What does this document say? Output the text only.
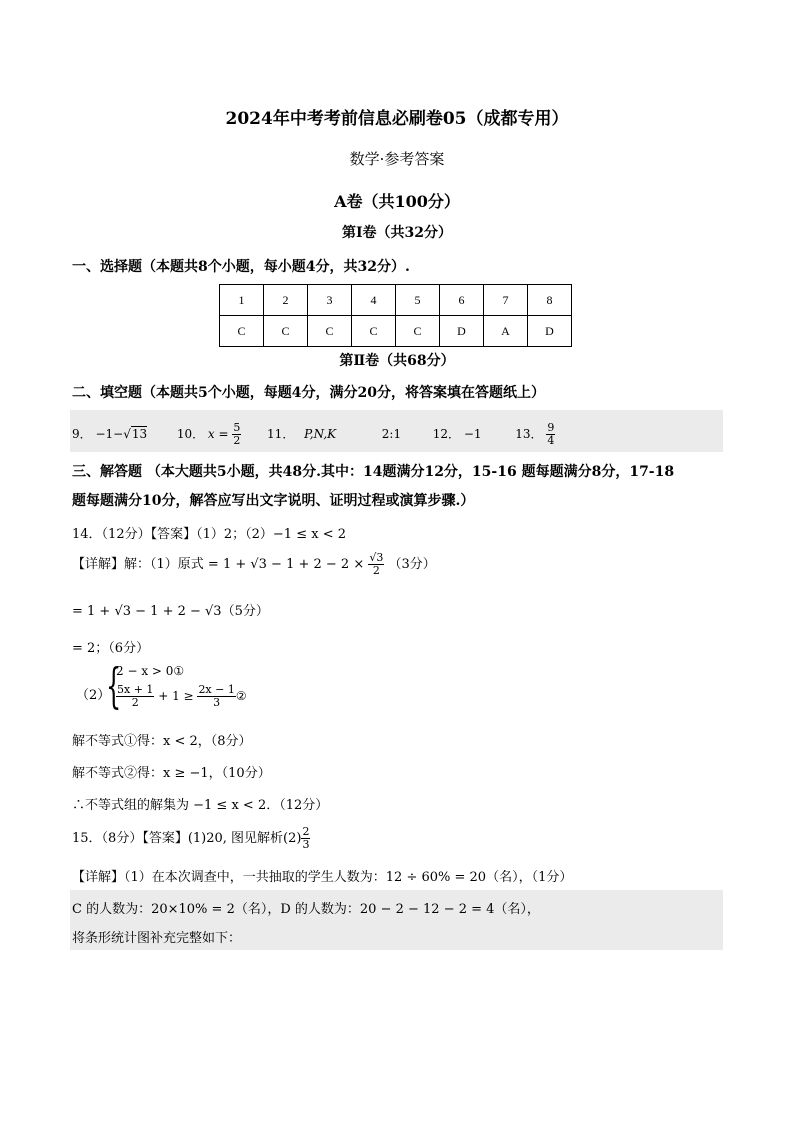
2024年中考考前信息必刷卷05（成都专用）
数学·参考答案
A卷（共100分）
第Ⅰ卷（共32分）
一、选择题（本题共8个小题，每小题4分，共32分）.
1	2	3	4	5	6	7	8
C	C	C	C	C	D	A	D
第Ⅱ卷（共68分）
二、填空题（本题共5个小题，每题4分，满分20分，将答案填在答题纸上）
9． −1−√13 10． $x = \frac{5}{2} 11$． P,N,K	2:1	12． −1	13． $\frac{9}{4}$
三、解答题 （本大题共5小题，共48分.其中：14题满分12分，15-16 题每题满分8分，17-18
题每题满分10分，解答应写出文字说明、证明过程或演算步骤.）
14．（12分）【答案】（1）2；（2）−1 ≤ x < 2
【详解】解：（1）原式 = $1 + √3 - 1 + 2 - 2 \times \frac{√3}{2} (3$分）
= 1 + √3 − 1 + 2 − √3（5分）
= 2；（6分）
（2）
{
2 − x > 0①
$\frac{5x + 1}{2} + 1 \ge \frac{2x - 1}{3}$ ②
解不等式①得：x < 2，（8分）
解不等式②得：x ≥ −1，（10分）
∴不等式组的解集为 −1 ≤ x < 2．（12分）
15．（8分）【答案】(1)20, 图见解析$(2) \frac{2}{3}$
【详解】（1）在本次调查中，一共抽取的学生人数为：12 ÷ 60% = 20（名），（1分）
C 的人数为：20×10% = 2（名），D 的人数为：20 − 2 − 12 − 2 = 4（名），
将条形统计图补充完整如下：
